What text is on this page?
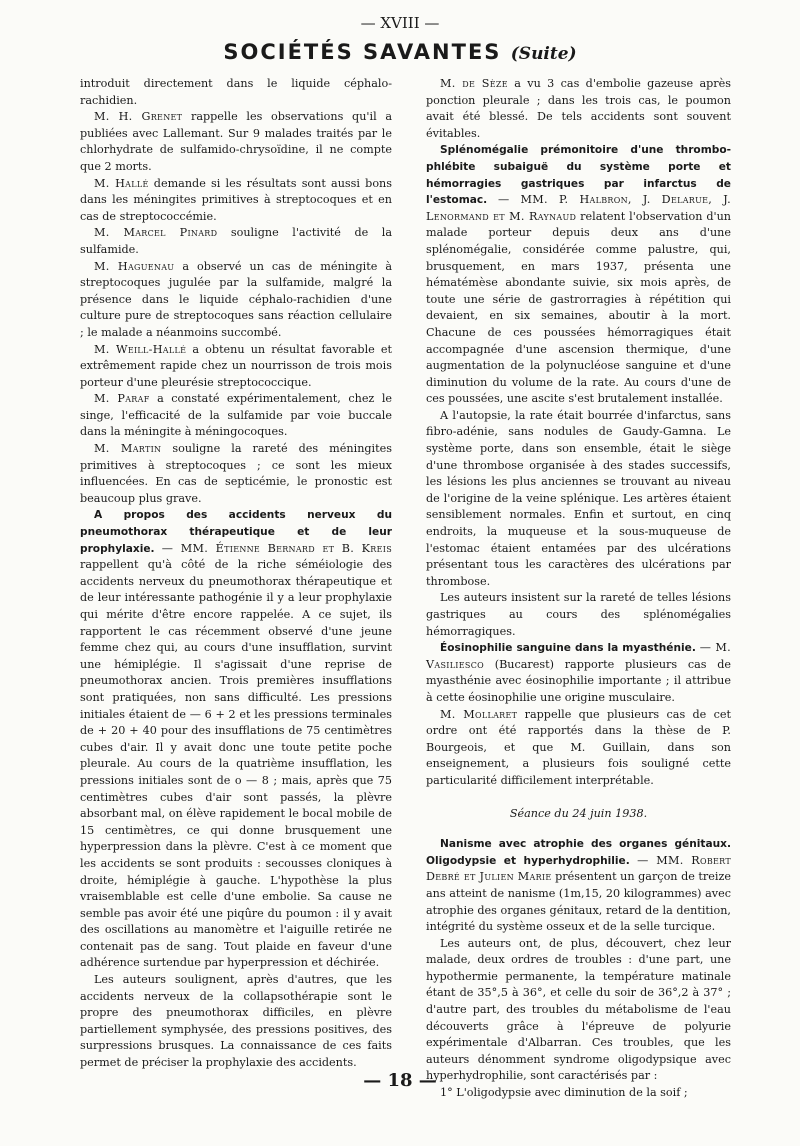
— XVIII —
SOCIÉTÉS SAVANTES (Suite)

introduit directement dans le liquide céphalo-rachidien.

M. H. Grenet rappelle les observations qu'il a publiées avec Lallemant. Sur 9 malades traités par le chlorhydrate de sulfamido-chrysoïdine, il ne compte que 2 morts.

M. Hallé demande si les résultats sont aussi bons dans les méningites primitives à streptocoques et en cas de streptococcémie.

M. Marcel Pinard souligne l'activité de la sulfamide.

M. Haguenau a observé un cas de méningite à streptocoques jugulée par la sulfamide, malgré la présence dans le liquide céphalo-rachidien d'une culture pure de streptocoques sans réaction cellulaire ; le malade a néanmoins succombé.

M. Weill-Hallé a obtenu un résultat favorable et extrêmement rapide chez un nourrisson de trois mois porteur d'une pleurésie streptococcique.

M. Paraf a constaté expérimentalement, chez le singe, l'efficacité de la sulfamide par voie buccale dans la méningite à méningocoques.

M. Martin souligne la rareté des méningites primitives à streptocoques ; ce sont les mieux influencées. En cas de septicémie, le pronostic est beaucoup plus grave.

A propos des accidents nerveux du pneumothorax thérapeutique et de leur prophylaxie. — MM. Étienne Bernard et B. Kreis rappellent qu'à côté de la riche séméiologie des accidents nerveux du pneumothorax thérapeutique et de leur intéressante pathogénie il y a leur prophylaxie qui mérite d'être encore rappelée. A ce sujet, ils rapportent le cas récemment observé d'une jeune femme chez qui, au cours d'une insufflation, survint une hémiplégie. Il s'agissait d'une reprise de pneumothorax ancien. Trois premières insufflations sont pratiquées, non sans difficulté. Les pressions initiales étaient de — 6 + 2 et les pressions terminales de + 20 + 40 pour des insufflations de 75 centimètres cubes d'air. Il y avait donc une toute petite poche pleurale. Au cours de la quatrième insufflation, les pressions initiales sont de o — 8 ; mais, après que 75 centimètres cubes d'air sont passés, la plèvre absorbant mal, on élève rapidement le bocal mobile de 15 centimètres, ce qui donne brusquement une hyperpression dans la plèvre. C'est à ce moment que les accidents se sont produits : secousses cloniques à droite, hémiplégie à gauche. L'hypothèse la plus vraisemblable est celle d'une embolie. Sa cause ne semble pas avoir été une piqûre du poumon : il y avait des oscillations au manomètre et l'aiguille retirée ne contenait pas de sang. Tout plaide en faveur d'une adhérence surtendue par hyperpression et déchirée.

Les auteurs soulignent, après d'autres, que les accidents nerveux de la collapsothérapie sont le propre des pneumothorax difficiles, en plèvre partiellement symphysée, des pressions positives, des surpressions brusques. La connaissance de ces faits permet de préciser la prophylaxie des accidents.

M. de Sèze a vu 3 cas d'embolie gazeuse après ponction pleurale ; dans les trois cas, le poumon avait été blessé. De tels accidents sont souvent évitables.

Splénomégalie prémonitoire d'une thrombo-phlébite subaiguë du système porte et hémorragies gastriques par infarctus de l'estomac. — MM. P. Halbron, J. Delarue, J. Lenormand et M. Raynaud relatent l'observation d'un malade porteur depuis deux ans d'une splénomégalie, considérée comme palustre, qui, brusquement, en mars 1937, présenta une hématémèse abondante suivie, six mois après, de toute une série de gastrorragies à répétition qui devaient, en six semaines, aboutir à la mort. Chacune de ces poussées hémorragiques était accompagnée d'une ascension thermique, d'une augmentation de la polynucléose sanguine et d'une diminution du volume de la rate. Au cours d'une de ces poussées, une ascite s'est brutalement installée.

A l'autopsie, la rate était bourrée d'infarctus, sans fibro-adénie, sans nodules de Gaudy-Gamna. Le système porte, dans son ensemble, était le siège d'une thrombose organisée à des stades successifs, les lésions les plus anciennes se trouvant au niveau de l'origine de la veine splénique. Les artères étaient sensiblement normales. Enfin et surtout, en cinq endroits, la muqueuse et la sous-muqueuse de l'estomac étaient entamées par des ulcérations présentant tous les caractères des ulcérations par thrombose.

Les auteurs insistent sur la rareté de telles lésions gastriques au cours des splénomégalies hémorragiques.

Éosinophilie sanguine dans la myasthénie. — M. Vasiliesco (Bucarest) rapporte plusieurs cas de myasthénie avec éosinophilie importante ; il attribue à cette éosinophilie une origine musculaire.

M. Mollaret rappelle que plusieurs cas de cet ordre ont été rapportés dans la thèse de P. Bourgeois, et que M. Guillain, dans son enseignement, a plusieurs fois souligné cette particularité difficilement interprétable.

Séance du 24 juin 1938.

Nanisme avec atrophie des organes génitaux. Oligodypsie et hyperhydrophilie. — MM. Robert Debré et Julien Marie présentent un garçon de treize ans atteint de nanisme (1m,15, 20 kilogrammes) avec atrophie des organes génitaux, retard de la dentition, intégrité du système osseux et de la selle turcique.

Les auteurs ont, de plus, découvert, chez leur malade, deux ordres de troubles : d'une part, une hypothermie permanente, la température matinale étant de 35°,5 à 36°, et celle du soir de 36°,2 à 37° ; d'autre part, des troubles du métabolisme de l'eau découverts grâce à l'épreuve de polyurie expérimentale d'Albarran. Ces troubles, que les auteurs dénomment syndrome oligodypsique avec hyperhydrophilie, sont caractérisés par :

1° L'oligodypsie avec diminution de la soif ;

— 18 —
